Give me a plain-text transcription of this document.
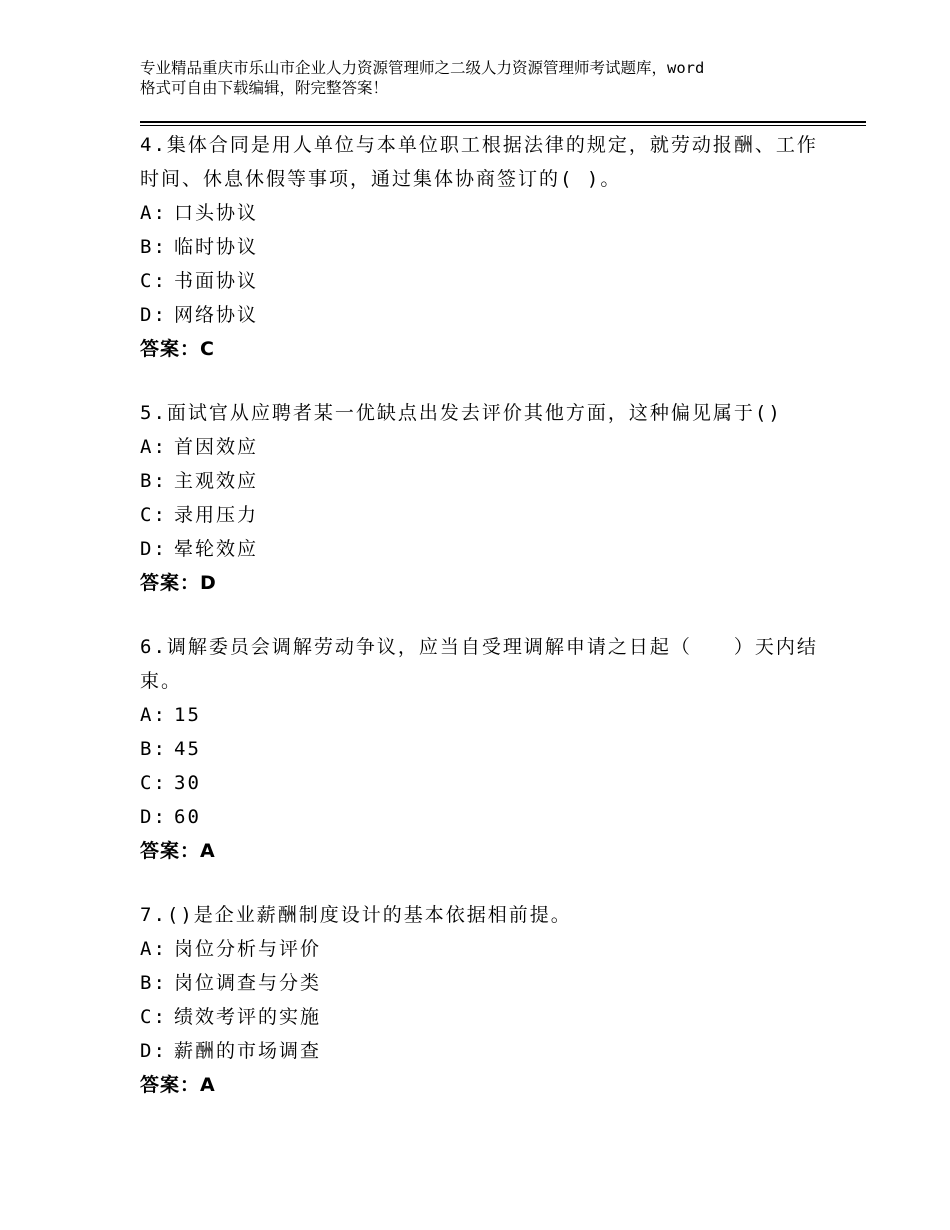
专业精品重庆市乐山市企业人力资源管理师之二级人力资源管理师考试题库，word
格式可自由下载编辑，附完整答案！

4.集体合同是用人单位与本单位职工根据法律的规定，就劳动报酬、工作时间、休息休假等事项，通过集体协商签订的( )。

A: 口头协议
B: 临时协议
C: 书面协议
D: 网络协议
答案：C

5.面试官从应聘者某一优缺点出发去评价其他方面，这种偏见属于()

A: 首因效应
B: 主观效应
C: 录用压力
D: 晕轮效应
答案：D

6.调解委员会调解劳动争议，应当自受理调解申请之日起（　　）天内结束。

A: 15
B: 45
C: 30
D: 60
答案：A

7.()是企业薪酬制度设计的基本依据相前提。

A: 岗位分析与评价
B: 岗位调查与分类
C: 绩效考评的实施
D: 薪酬的市场调查
答案：A
